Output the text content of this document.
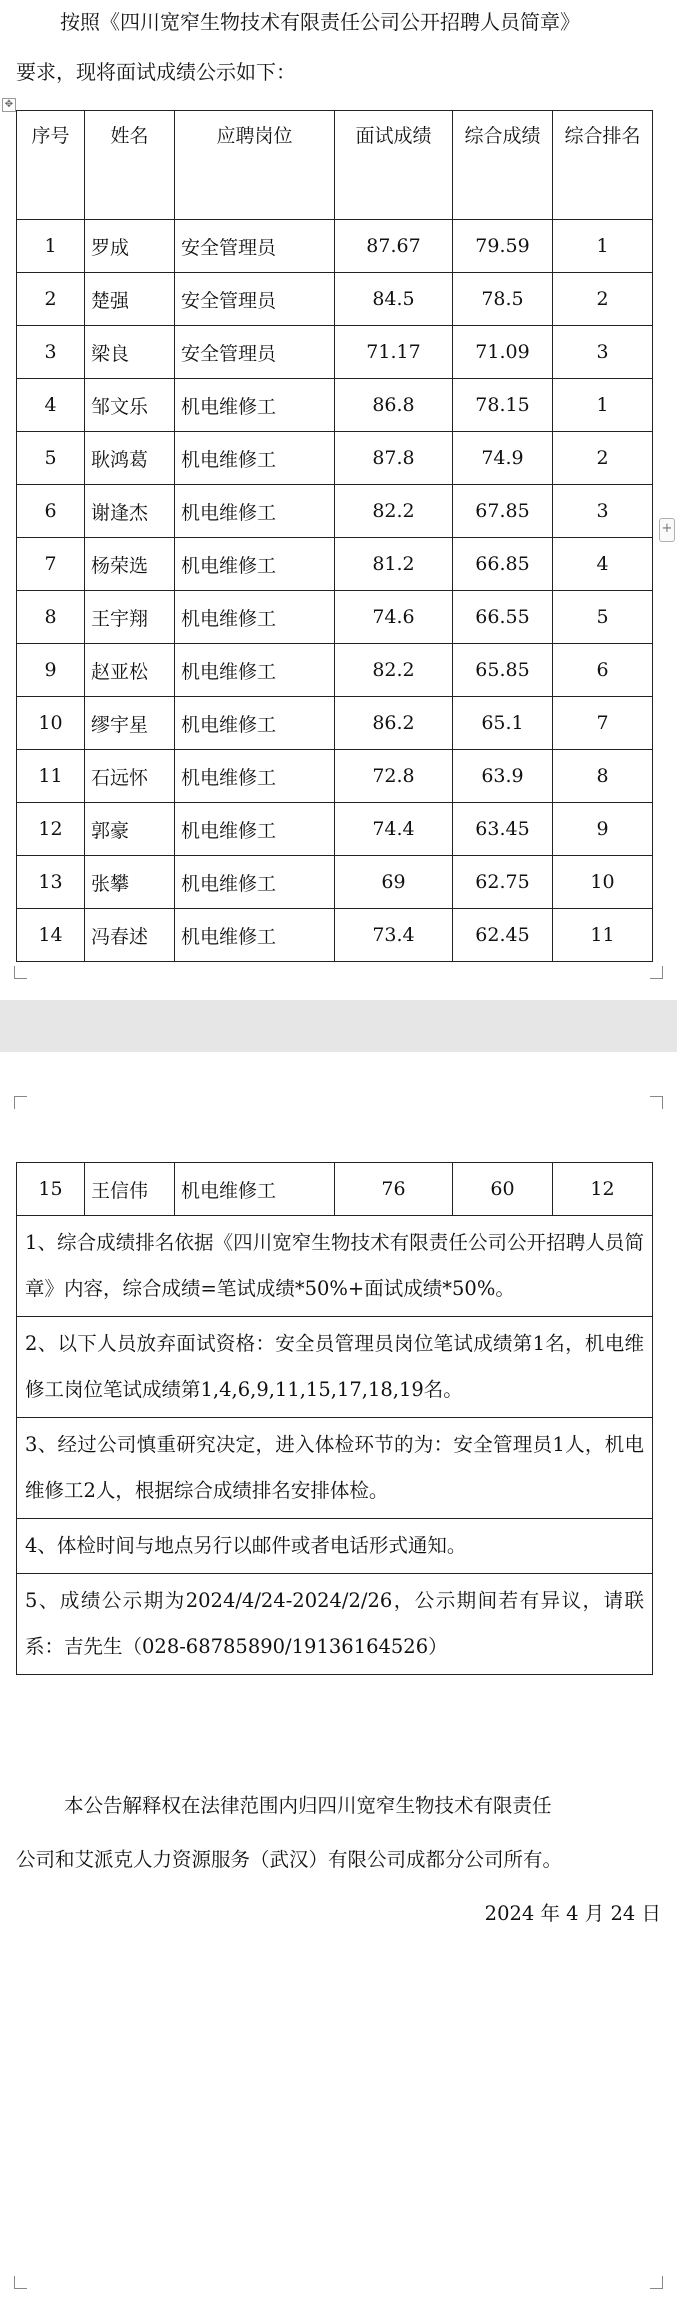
按照《四川宽窄生物技术有限责任公司公开招聘人员简章》
要求，现将面试成绩公示如下：
✥
+
序号	姓名	应聘岗位	面试成绩	综合成绩	综合排名
1	罗成	安全管理员	87.67	79.59	1
2	楚强	安全管理员	84.5	78.5	2
3	梁良	安全管理员	71.17	71.09	3
4	邹文乐	机电维修工	86.8	78.15	1
5	耿鸿葛	机电维修工	87.8	74.9	2
6	谢逢杰	机电维修工	82.2	67.85	3
7	杨荣选	机电维修工	81.2	66.85	4
8	王宇翔	机电维修工	74.6	66.55	5
9	赵亚松	机电维修工	82.2	65.85	6
10	缪宇星	机电维修工	86.2	65.1	7
11	石远怀	机电维修工	72.8	63.9	8
12	郭豪	机电维修工	74.4	63.45	9
13	张攀	机电维修工	69	62.75	10
14	冯春述	机电维修工	73.4	62.45	11
本公告解释权在法律范围内归四川宽窄生物技术有限责任
公司和艾派克人力资源服务（武汉）有限公司成都分公司所有。
2024 年 4 月 24 日
15	王信伟	机电维修工	76	60	12
1、综合成绩排名依据《四川宽窄生物技术有限责任公司公开招聘人员简章》内容，综合成绩=笔试成绩*50%+面试成绩*50%。
2、以下人员放弃面试资格：安全员管理员岗位笔试成绩第1名，机电维修工岗位笔试成绩第1,4,6,9,11,15,17,18,19名。
3、经过公司慎重研究决定，进入体检环节的为：安全管理员1人，机电维修工2人，根据综合成绩排名安排体检。
4、体检时间与地点另行以邮件或者电话形式通知。
5、成绩公示期为2024/4/24-2024/2/26，公示期间若有异议，请联系：吉先生（028-68785890/19136164526）
